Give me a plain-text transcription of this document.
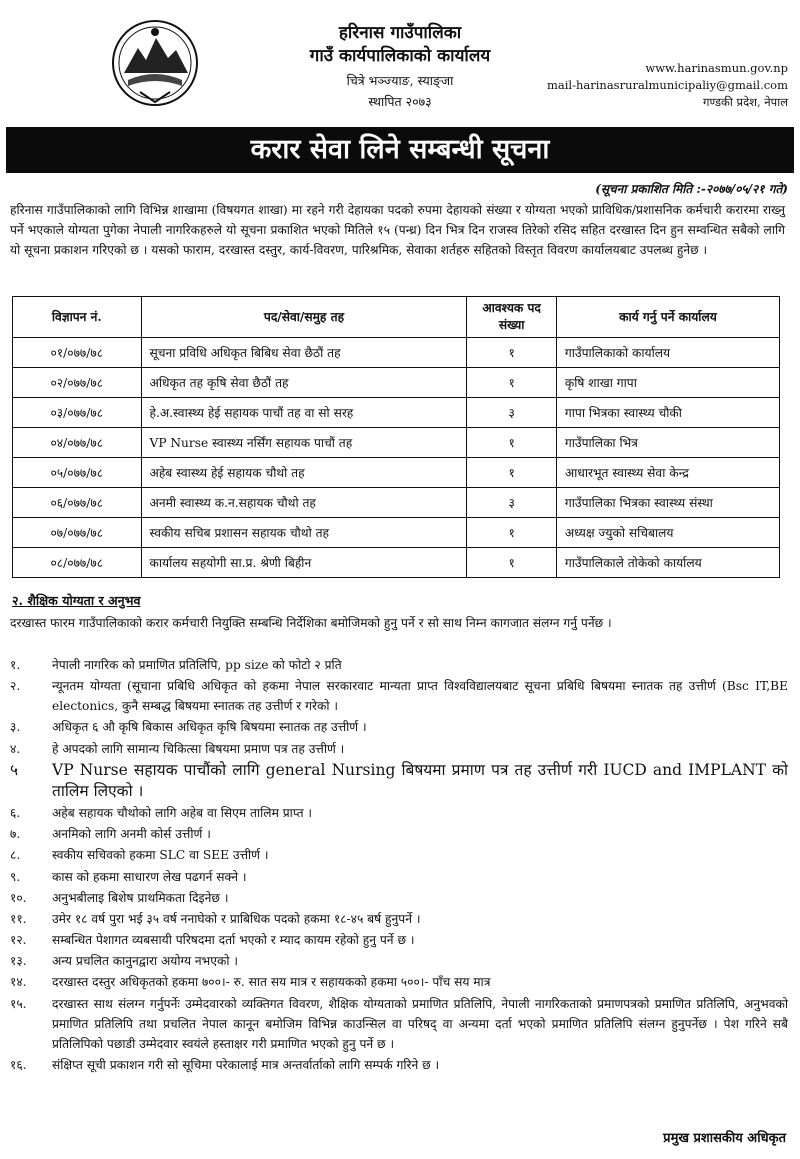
हरिनास गाउँपालिका
गाउँ कार्यपालिकाको कार्यालय
चित्रे भञ्ज्याङ, स्याङ्जा
स्थापित २०७३
www.harinasmun.gov.np
mail-harinasruralmunicipaliy@gmail.com
गण्डकी प्रदेश, नेपाल
करार सेवा लिने सम्बन्धी सूचना
(सूचना प्रकाशित मिति :-२०७७/०५/२१ गते)
हरिनास गाउँपालिकाको लागि विभिन्न शाखामा (विषयगत शाखा) मा रहने गरी देहायका पदको रुपमा देहायको संख्या र योग्यता भएको प्राविधिक/प्रशासनिक कर्मचारी करारमा राख्नु पर्ने भएकाले योग्यता पुगेका नेपाली नागरिकहरुले यो सूचना प्रकाशित भएको मितिले १५ (पन्ध्र) दिन भित्र दिन राजस्व तिरेको रसिद सहित दरखास्त दिन हुन सम्वन्धित सबैको लागि यो सूचना प्रकाशन गरिएको छ । यसको फाराम, दरखास्त दस्तुर, कार्य-विवरण, पारिश्रमिक, सेवाका शर्तहरु सहितको विस्तृत विवरण कार्यालयबाट उपलब्ध हुनेछ ।
विज्ञापन नं.	पद/सेवा/समुह तह	आवश्यक पद संख्या	कार्य गर्नु पर्ने कार्यालय
०१/०७७/७८	सूचना प्रविधि अधिकृत बिबिध सेवा छैठौं तह	१	गाउँपालिकाको कार्यालय
०२/०७७/७८	अधिकृत तह कृषि सेवा छैठौं तह	१	कृषि शाखा गापा
०३/०७७/७८	हे.अ.स्वास्थ्य हेई सहायक पाचौं तह वा सो सरह	३	गापा भित्रका स्वास्थ्य चौकी
०४/०७७/७८	VP Nurse स्वास्थ्य नर्सिंग सहायक पाचौं तह	१	गाउँपालिका भित्र
०५/०७७/७८	अहेब स्वास्थ्य हेई सहायक चौथो तह	१	आधारभूत स्वास्थ्य सेवा केन्द्र
०६/०७७/७८	अनमी स्वास्थ्य क.न.सहायक चौथो तह	३	गाउँपालिका भित्रका स्वास्थ्य संस्था
०७/०७७/७८	स्वकीय सचिब प्रशासन सहायक चौथो तह	१	अध्यक्ष ज्युको सचिबालय
०८/०७७/७८	कार्यालय सहयोगी सा.प्र. श्रेणी बिहीन	१	गाउँपालिकाले तोकेको कार्यालय
२. शैक्षिक योग्यता र अनुभव
दरखास्त फारम गाउँपालिकाको करार कर्मचारी नियुक्ति सम्बन्धि निर्देशिका बमोजिमको हुनु पर्ने र सो साथ निम्न कागजात संलग्न गर्नु पर्नेछ ।
१.	नेपाली नागरिक को प्रमाणित प्रतिलिपि, pp size को फोटो २ प्रति
२.	न्यूनतम योग्यता (सूचाना प्रबिधि अधिकृत को हकमा नेपाल सरकारवाट मान्यता प्राप्त विश्वविद्यालयबाट सूचना प्रबिधि बिषयमा स्नातक तह उत्तीर्ण (Bsc IT,BE electonics, कुनै सम्बद्ध बिषयमा स्नातक तह उत्तीर्ण र गरेको ।
३.	अधिकृत ६ औ कृषि बिकास अधिकृत कृषि बिषयमा स्नातक तह उत्तीर्ण ।
४.	हे अपदको लागि सामान्य चिकित्सा बिषयमा प्रमाण पत्र तह उत्तीर्ण ।
५ VP Nurse सहायक पाचौंको लागि general Nursing बिषयमा प्रमाण पत्र तह उत्तीर्ण गरी IUCD and IMPLANT को तालिम लिएको ।
६.	अहेब सहायक चौथोको लागि अहेब वा सिएम तालिम प्राप्त ।
७.	अनमिको लागि अनमी कोर्स उत्तीर्ण ।
८.	स्वकीय सचिवको हकमा SLC वा SEE उत्तीर्ण ।
९.	कास को हकमा साधारण लेख पढगर्न सक्ने ।
१०. अनुभबीलाइ बिशेष प्राथमिकता दिइनेछ ।
११. उमेर १८ वर्ष पुरा भई ३५ वर्ष ननाघेको र प्राबिधिक पदको हकमा १८-४५ बर्ष हुनुपर्ने ।
१२. सम्बन्धित पेशागत व्यबसायी परिषदमा दर्ता भएको र म्याद कायम रहेको हुनु पर्ने छ ।
१३. अन्य प्रचलित कानुनद्वारा अयोग्य नभएको ।
१४. दरखास्त दस्तुर अधिकृतको हकमा ७००।- रु. सात सय मात्र र सहायकको हकमा ५००।- पाँच सय मात्र
१५. दरखास्त साथ संलग्न गर्नुपर्नेः उम्मेदवारको व्यक्तिगत विवरण, शैक्षिक योग्यताको प्रमाणित प्रतिलिपि, नेपाली नागरिकताको प्रमाणपत्रको प्रमाणित प्रतिलिपि, अनुभवको प्रमाणित प्रतिलिपि तथा प्रचलित नेपाल कानून बमोजिम विभिन्न काउन्सिल वा परिषद् वा अन्यमा दर्ता भएको प्रमाणित प्रतिलिपि संलग्न हुनुपर्नेछ । पेश गरिने सबै प्रतिलिपिको पछाडी उम्मेदवार स्वयंले हस्ताक्षर गरी प्रमाणित भएको हुनु पर्ने छ ।
१६. संक्षिप्त सूची प्रकाशन गरी सो सूचिमा परेकालाई मात्र अन्तर्वार्ताको लागि सम्पर्क गरिने छ ।
प्रमुख प्रशासकीय अधिकृत
